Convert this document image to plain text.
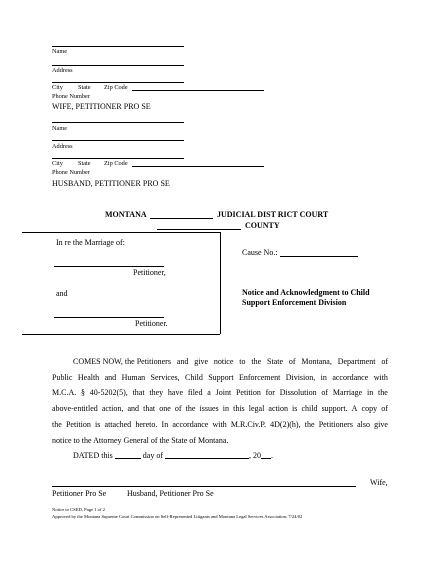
Name
Address
City State Zip Code
Phone Number
WIFE, PETITIONER PRO SE
Name
Address
City State Zip Code
Phone Number
HUSBAND, PETITIONER PRO SE
MONTANA	JUDICIAL DIST RICT COURT
COUNTY
In re the Marriage of:
Petitioner,
and
Petitioner.
Cause No.:
Notice and Acknowledgment to Child
Support Enforcement Division
COMES NOW, the Petitioners and give notice to the State of Montana, Department of
Public Health and Human Services, Child Support Enforcement Division, in accordance with
M.C.A. § 40-5202(5), that they have filed a Joint Petition for Dissolution of Marriage in the
above-entitled action, and that one of the issues in this legal action is child support. A copy of
the Petition is attached hereto. In accordance with M.R.Civ.P. 4D(2)(h), the Petitioners also give
notice to the Attorney General of the State of Montana.
DATED this	day of	, 20 .
Wife,
Petitioner Pro Se	Husband, Petitioner Pro Se
Notice to CSED, Page 1 of 2
Approved by the Montana Supreme Court Commission on Self-Represented Litigants and Montana Legal Services Association, 7/24/02
